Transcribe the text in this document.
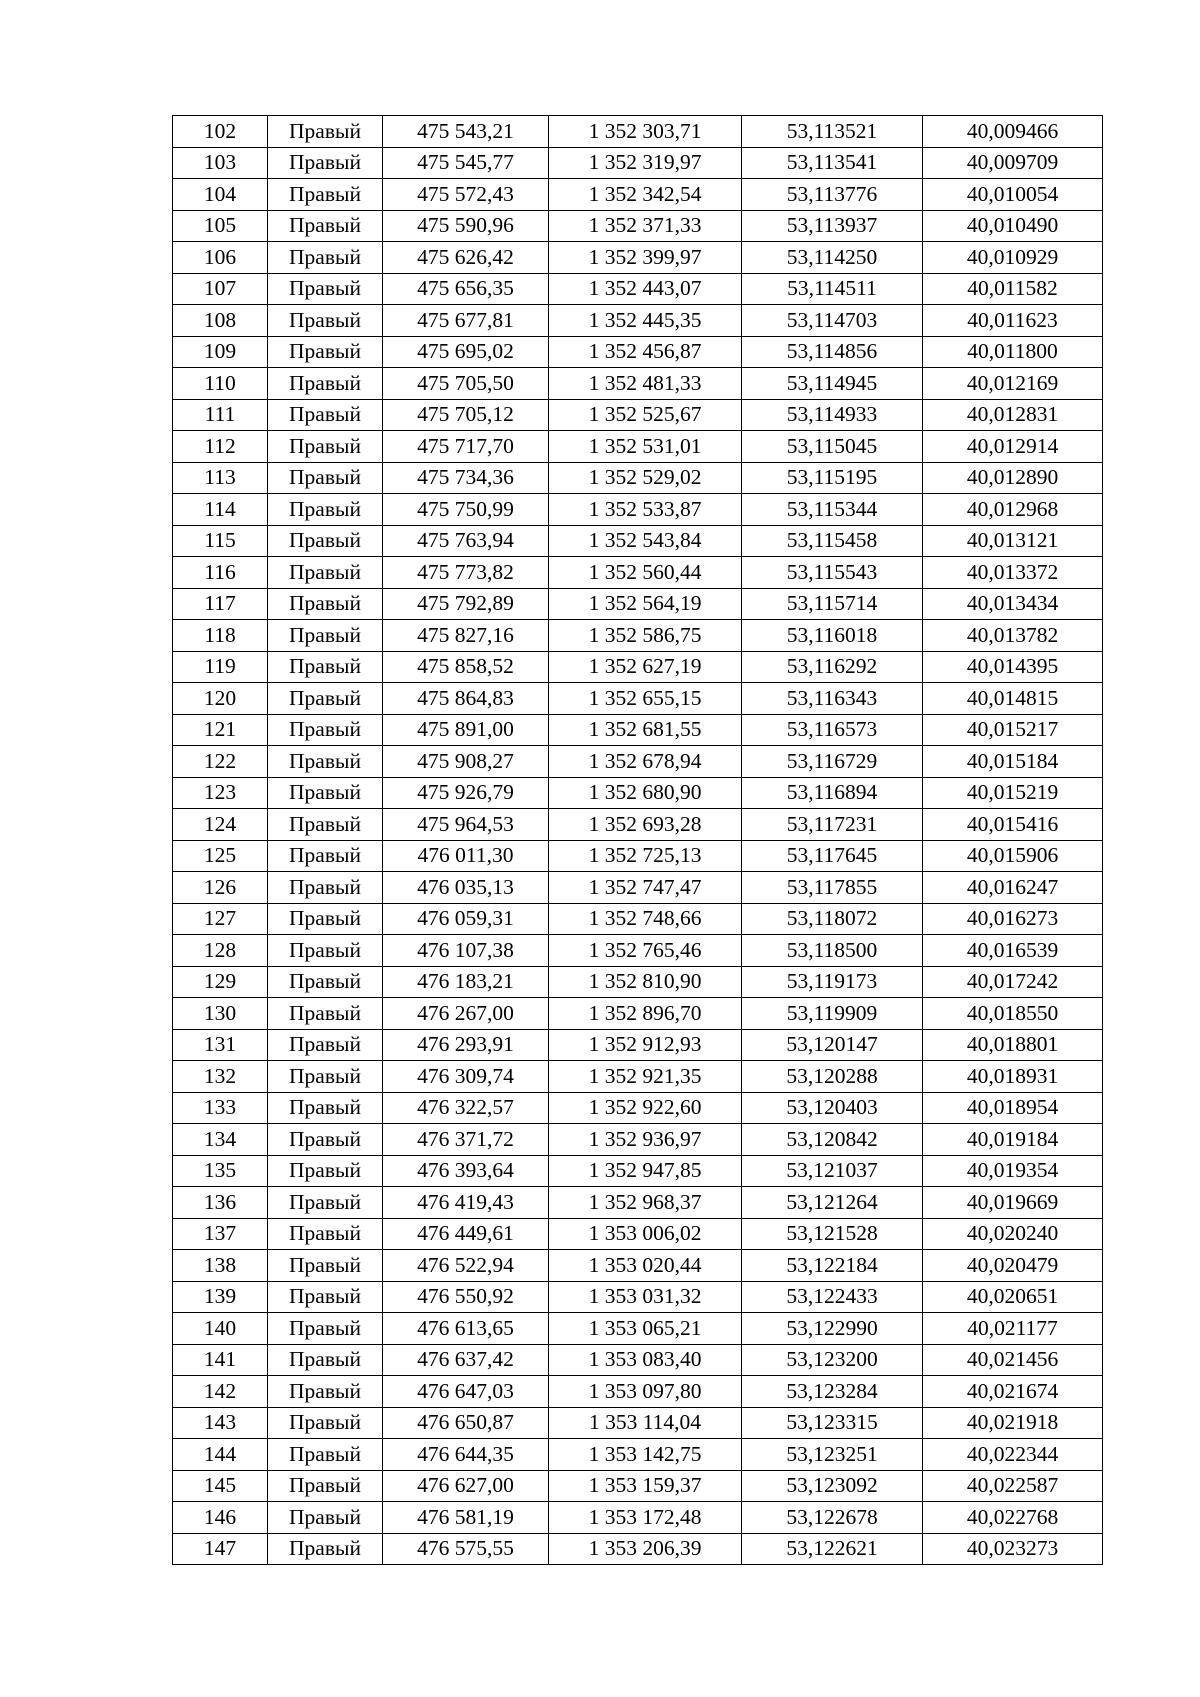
102	Правый	475 543,21	1 352 303,71	53,113521	40,009466
103	Правый	475 545,77	1 352 319,97	53,113541	40,009709
104	Правый	475 572,43	1 352 342,54	53,113776	40,010054
105	Правый	475 590,96	1 352 371,33	53,113937	40,010490
106	Правый	475 626,42	1 352 399,97	53,114250	40,010929
107	Правый	475 656,35	1 352 443,07	53,114511	40,011582
108	Правый	475 677,81	1 352 445,35	53,114703	40,011623
109	Правый	475 695,02	1 352 456,87	53,114856	40,011800
110	Правый	475 705,50	1 352 481,33	53,114945	40,012169
111	Правый	475 705,12	1 352 525,67	53,114933	40,012831
112	Правый	475 717,70	1 352 531,01	53,115045	40,012914
113	Правый	475 734,36	1 352 529,02	53,115195	40,012890
114	Правый	475 750,99	1 352 533,87	53,115344	40,012968
115	Правый	475 763,94	1 352 543,84	53,115458	40,013121
116	Правый	475 773,82	1 352 560,44	53,115543	40,013372
117	Правый	475 792,89	1 352 564,19	53,115714	40,013434
118	Правый	475 827,16	1 352 586,75	53,116018	40,013782
119	Правый	475 858,52	1 352 627,19	53,116292	40,014395
120	Правый	475 864,83	1 352 655,15	53,116343	40,014815
121	Правый	475 891,00	1 352 681,55	53,116573	40,015217
122	Правый	475 908,27	1 352 678,94	53,116729	40,015184
123	Правый	475 926,79	1 352 680,90	53,116894	40,015219
124	Правый	475 964,53	1 352 693,28	53,117231	40,015416
125	Правый	476 011,30	1 352 725,13	53,117645	40,015906
126	Правый	476 035,13	1 352 747,47	53,117855	40,016247
127	Правый	476 059,31	1 352 748,66	53,118072	40,016273
128	Правый	476 107,38	1 352 765,46	53,118500	40,016539
129	Правый	476 183,21	1 352 810,90	53,119173	40,017242
130	Правый	476 267,00	1 352 896,70	53,119909	40,018550
131	Правый	476 293,91	1 352 912,93	53,120147	40,018801
132	Правый	476 309,74	1 352 921,35	53,120288	40,018931
133	Правый	476 322,57	1 352 922,60	53,120403	40,018954
134	Правый	476 371,72	1 352 936,97	53,120842	40,019184
135	Правый	476 393,64	1 352 947,85	53,121037	40,019354
136	Правый	476 419,43	1 352 968,37	53,121264	40,019669
137	Правый	476 449,61	1 353 006,02	53,121528	40,020240
138	Правый	476 522,94	1 353 020,44	53,122184	40,020479
139	Правый	476 550,92	1 353 031,32	53,122433	40,020651
140	Правый	476 613,65	1 353 065,21	53,122990	40,021177
141	Правый	476 637,42	1 353 083,40	53,123200	40,021456
142	Правый	476 647,03	1 353 097,80	53,123284	40,021674
143	Правый	476 650,87	1 353 114,04	53,123315	40,021918
144	Правый	476 644,35	1 353 142,75	53,123251	40,022344
145	Правый	476 627,00	1 353 159,37	53,123092	40,022587
146	Правый	476 581,19	1 353 172,48	53,122678	40,022768
147	Правый	476 575,55	1 353 206,39	53,122621	40,023273
